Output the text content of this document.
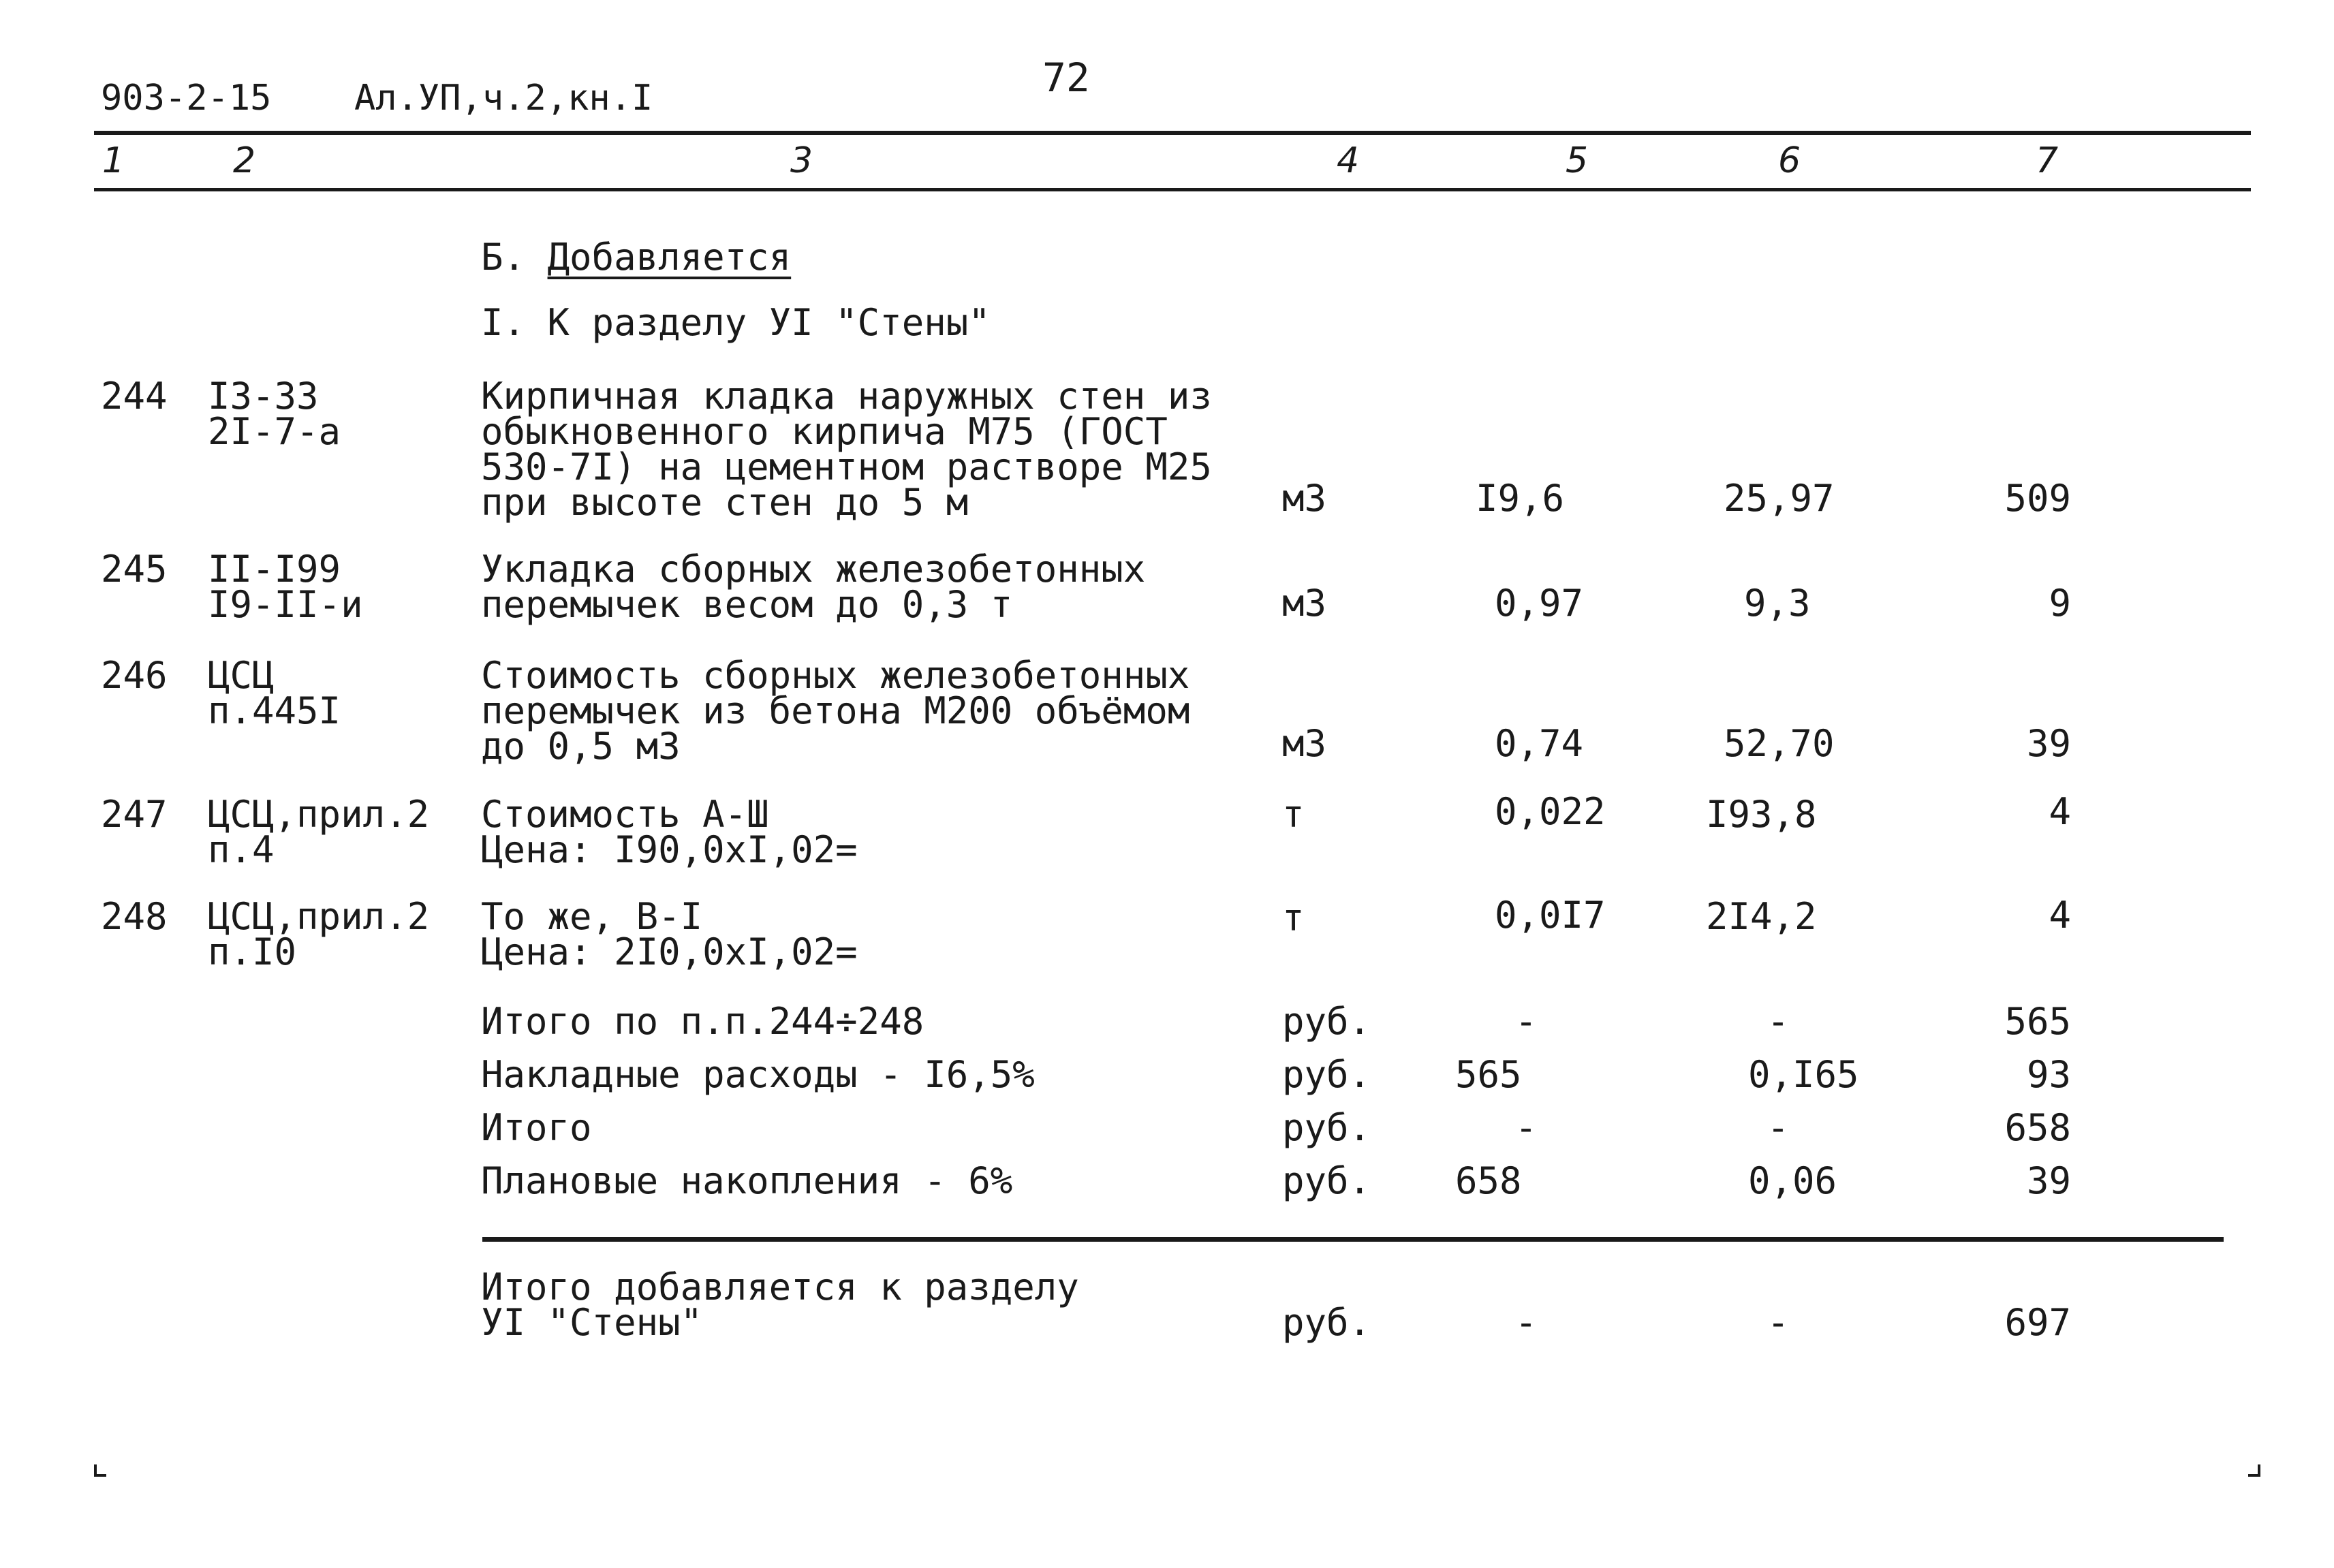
903-2-15 Ал.УП,ч.2,кн.I	72
1	2	3	4	5	6	7
Б. Добавляется
I. К разделу УI "Стены"
244 I3-33
2I-7-а
Кирпичная кладка наружных стен из
обыкновенного кирпича М75 (ГОСТ
530-7I) на цементном растворе М25
при высоте стен до 5 м	м3	I9,6	25,97	509
245 II-I99
I9-II-и
Укладка сборных железобетонных
перемычек весом до 0,3 т	м3	0,97	9,3	9
246 ЦСЦ
п.445I
Стоимость сборных железобетонных
перемычек из бетона М200 объёмом
до 0,5 м3	м3	0,74	52,70	39
247 ЦСЦ,прил.2
п.4
Стоимость А-Ш
Цена: I90,0хI,02=
т	0,022	I93,8	4
248 ЦСЦ,прил.2
п.I0
То же, В-I
Цена: 2I0,0хI,02=
т	0,0I7	2I4,2	4
Итого по п.п.244÷248	руб.	-	-	565
Накладные расходы - I6,5%	руб. 565	0,I65	93
Итого	руб.	-	-	658
Плановые накопления - 6%	руб. 658	0,06	39
Итого добавляется к разделу
УI "Стены"	руб.	-	-	697
